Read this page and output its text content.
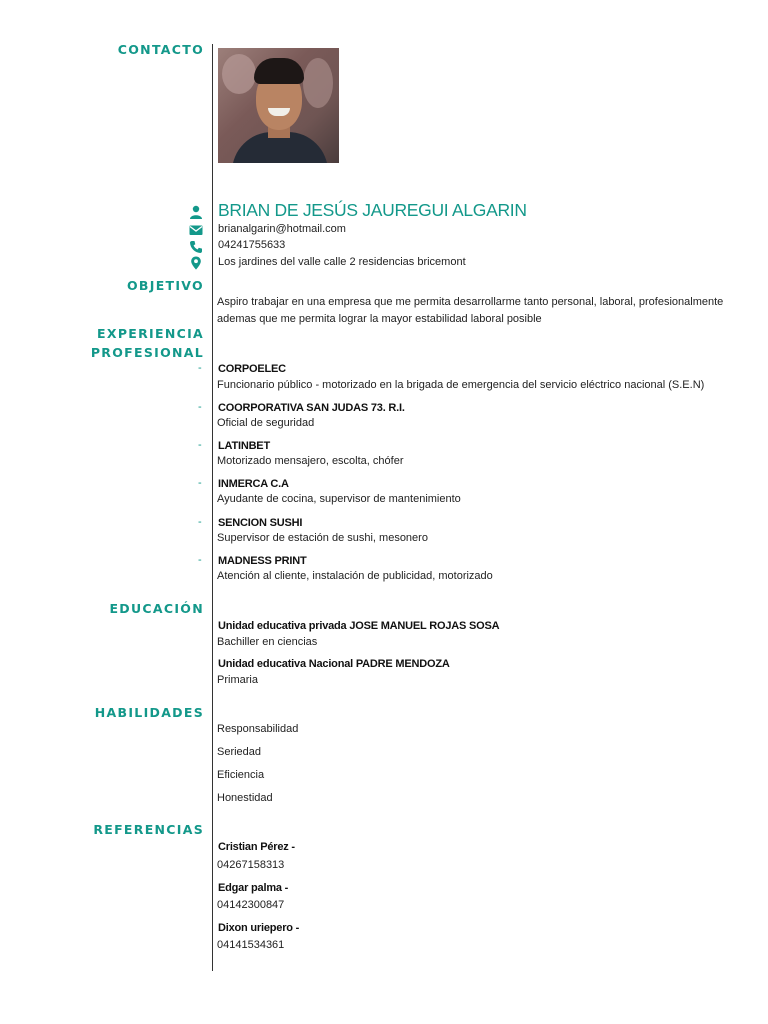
CONTACTO
BRIAN DE JESÚS JAUREGUI ALGARIN
brianalgarin@hotmail.com
04241755633
Los jardines del valle calle 2 residencias bricemont
OBJETIVO
Aspiro trabajar en una empresa que me permita desarrollarme tanto personal, laboral, profesionalmente ademas que me permita lograr la mayor estabilidad laboral posible
EXPERIENCIA
PROFESIONAL
- CORPOELEC
Funcionario público - motorizado en la brigada de emergencia del servicio eléctrico nacional (S.E.N)
- COORPORATIVA SAN JUDAS 73. R.I.
Oficial de seguridad
- LATINBET
Motorizado mensajero, escolta, chófer
- INMERCA C.A
Ayudante de cocina, supervisor de mantenimiento
- SENCION SUSHI
Supervisor de estación de sushi, mesonero
- MADNESS PRINT
Atención al cliente, instalación de publicidad, motorizado
EDUCACIÓN
Unidad educativa privada JOSE MANUEL ROJAS SOSA
Bachiller en ciencias
Unidad educativa Nacional PADRE MENDOZA
Primaria
HABILIDADES
Responsabilidad
Seriedad
Eficiencia
Honestidad
REFERENCIAS
Cristian Pérez -
04267158313
Edgar palma -
04142300847
Dixon uriepero -
04141534361
